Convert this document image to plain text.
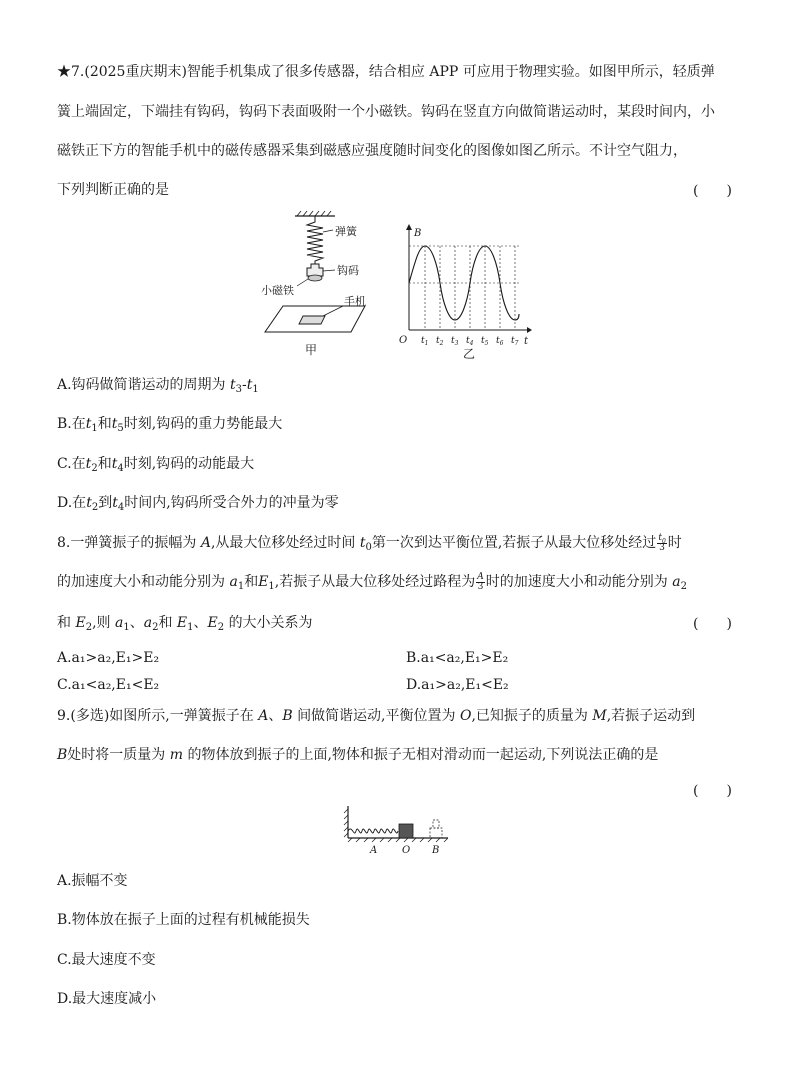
★7.(2025重庆期末)智能手机集成了很多传感器，结合相应 APP 可应用于物理实验。如图甲所示，轻质弹
簧上端固定，下端挂有钩码，钩码下表面吸附一个小磁铁。钩码在竖直方向做简谐运动时，某段时间内，小
磁铁正下方的智能手机中的磁传感器采集到磁感应强度随时间变化的图像如图乙所示。不计空气阻力，
下列判断正确的是	(　　)
弹簧
钩码
小磁铁
手机
甲
B
t
O $t_1$ $t_2$ $t_3$ $t_4$ $t_5$ $t_6$ $t_7$
乙
A.钩码做简谐运动的周期为 $t_3-t_1$
B.在$t_1$和$t_5$时刻,钩码的重力势能最大
C.在$t_2$和$t_4$时刻,钩码的动能最大
D.在$t_2$到$t_4$时间内,钩码所受合外力的冲量为零
8.一弹簧振子的振幅为 A,从最大位移处经过时间 $t_0$第一次到达平衡位置,若振子从最大位移处经过 $\frac{t_0}{3}$ 时
的加速度大小和动能分别为 $a_1$和$E_1$,若振子从最大位移处经过路程为 $\frac{A}{3}$ 时的加速度大小和动能分别为 $a_2$
和 $E_2$,则 $a_1$、$a_2$和 $E_1$、$E_2$ 的大小关系为	(　　)
A.a₁>a₂,E₁>E₂	B.a₁<a₂,E₁>E₂
C.a₁<a₂,E₁<E₂	D.a₁>a₂,E₁<E₂
9.(多选)如图所示,一弹簧振子在 A、B 间做简谐运动,平衡位置为 O,已知振子的质量为 M,若振子运动到
B处时将一质量为 m 的物体放到振子的上面,物体和振子无相对滑动而一起运动,下列说法正确的是
(　　)
A O B
A.振幅不变
B.物体放在振子上面的过程有机械能损失
C.最大速度不变
D.最大速度减小
